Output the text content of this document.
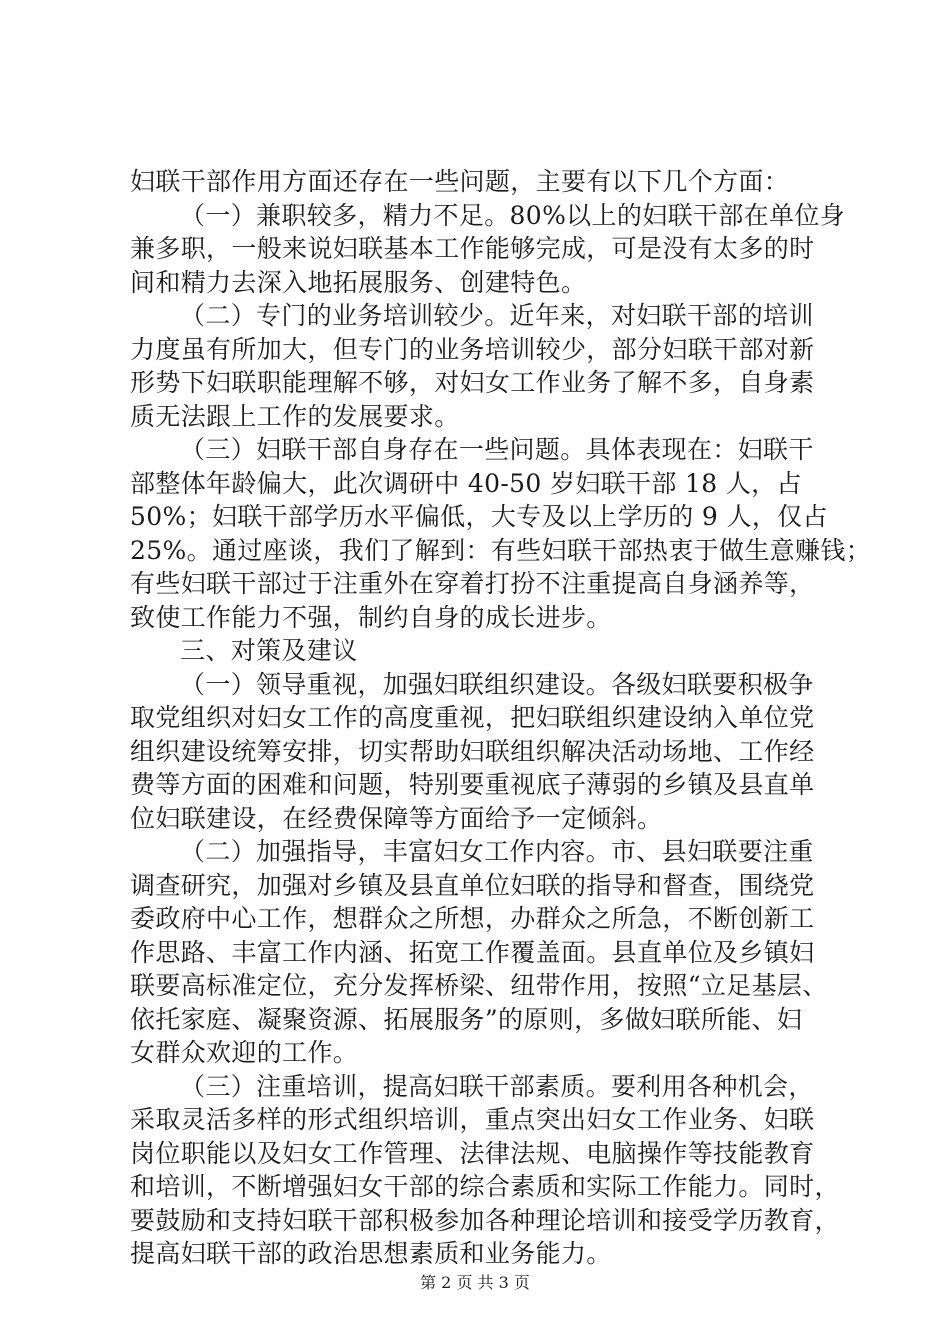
妇联干部作用方面还存在一些问题，主要有以下几个方面：
（一）兼职较多，精力不足。80%以上的妇联干部在单位身
兼多职，一般来说妇联基本工作能够完成，可是没有太多的时
间和精力去深入地拓展服务、创建特色。
（二）专门的业务培训较少。近年来，对妇联干部的培训
力度虽有所加大，但专门的业务培训较少，部分妇联干部对新
形势下妇联职能理解不够，对妇女工作业务了解不多，自身素
质无法跟上工作的发展要求。
（三）妇联干部自身存在一些问题。具体表现在：妇联干
部整体年龄偏大，此次调研中 40-50 岁妇联干部 18 人，占
50%；妇联干部学历水平偏低，大专及以上学历的 9 人，仅占
25%。通过座谈，我们了解到：有些妇联干部热衷于做生意赚钱；
有些妇联干部过于注重外在穿着打扮不注重提高自身涵养等，
致使工作能力不强，制约自身的成长进步。
三、对策及建议
（一）领导重视，加强妇联组织建设。各级妇联要积极争
取党组织对妇女工作的高度重视，把妇联组织建设纳入单位党
组织建设统筹安排，切实帮助妇联组织解决活动场地、工作经
费等方面的困难和问题，特别要重视底子薄弱的乡镇及县直单
位妇联建设，在经费保障等方面给予一定倾斜。
（二）加强指导，丰富妇女工作内容。市、县妇联要注重
调查研究，加强对乡镇及县直单位妇联的指导和督查，围绕党
委政府中心工作，想群众之所想，办群众之所急，不断创新工
作思路、丰富工作内涵、拓宽工作覆盖面。县直单位及乡镇妇
联要高标准定位，充分发挥桥梁、纽带作用，按照“立足基层、
依托家庭、凝聚资源、拓展服务”的原则，多做妇联所能、妇
女群众欢迎的工作。
（三）注重培训，提高妇联干部素质。要利用各种机会，
采取灵活多样的形式组织培训，重点突出妇女工作业务、妇联
岗位职能以及妇女工作管理、法律法规、电脑操作等技能教育
和培训，不断增强妇女干部的综合素质和实际工作能力。同时，
要鼓励和支持妇联干部积极参加各种理论培训和接受学历教育，
提高妇联干部的政治思想素质和业务能力。
第 2 页 共 3 页
